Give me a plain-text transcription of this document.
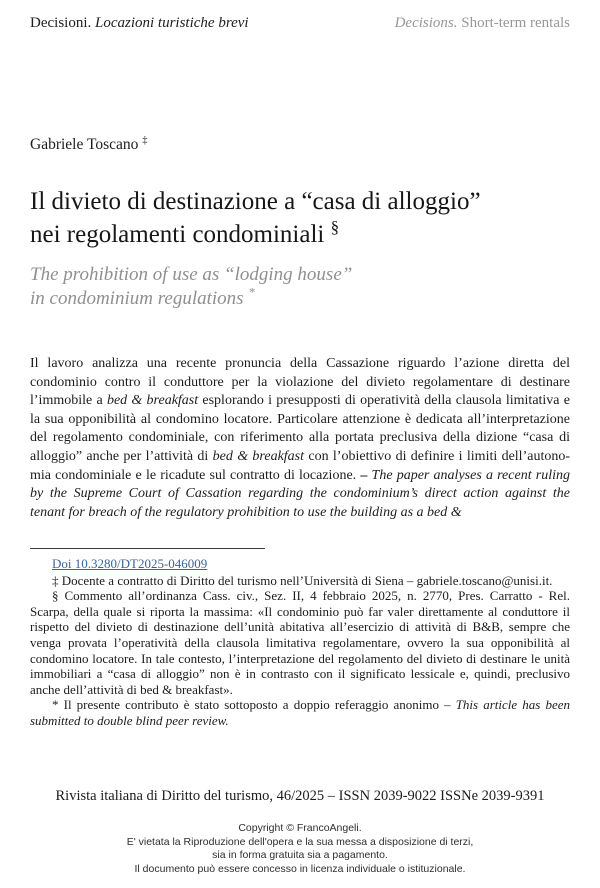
Decisioni. Locazioni turistiche brevi	Decisions. Short-term rentals
Gabriele Toscano ‡
Il divieto di destinazione a “casa di alloggio”
nei regolamenti condominiali §
The prohibition of use as “lodging house”
in condominium regulations *

Il lavoro analizza una recente pronuncia della Cassazione riguardo l’azione diretta del condominio contro il conduttore per la violazione del divieto regolamentare di destinare l’immobile a bed & breakfast esplorando i presupposti di operatività della clausola limitativa e la sua opponibilità al condomino locatore. Particolare attenzione è dedicata all’interpretazione del regolamento condominiale, con riferimento alla portata preclusiva della dizione “casa di alloggio” anche per l’attività di bed & breakfast con l’obiettivo di definire i limiti dell’autonomia condominiale e le ricadute sul contratto di locazione. – The paper analyses a recent ruling by the Supreme Court of Cassation regarding the condominium’s direct action against the tenant for breach of the regulatory prohibition to use the building as a bed &

Doi 10.3280/DT2025-046009

‡ Docente a contratto di Diritto del turismo nell’Università di Siena – gabriele.toscano@unisi.it.

§ Commento all’ordinanza Cass. civ., Sez. II, 4 febbraio 2025, n. 2770, Pres. Carratto - Rel. Scarpa, della quale si riporta la massima: «Il condominio può far valer direttamente al conduttore il rispetto del divieto di destinazione dell’unità abitativa all’esercizio di attività di B&B, sempre che venga provata l’operatività della clausola limitativa regolamentare, ovvero la sua opponibilità al condomino locatore. In tale contesto, l’interpretazione del regolamento del divieto di destinare le unità immobiliari a “casa di alloggio” non è in contrasto con il significato lessicale e, quindi, preclusivo anche dell’attività di bed & breakfast».

* Il presente contributo è stato sottoposto a doppio referaggio anonimo – This article has been submitted to double blind peer review.

Rivista italiana di Diritto del turismo, 46/2025 – ISSN 2039-9022 ISSNe 2039-9391

Copyright © FrancoAngeli.
E' vietata la Riproduzione dell'opera e la sua messa a disposizione di terzi,
sia in forma gratuita sia a pagamento.
Il documento può essere concesso in licenza individuale o istituzionale.
